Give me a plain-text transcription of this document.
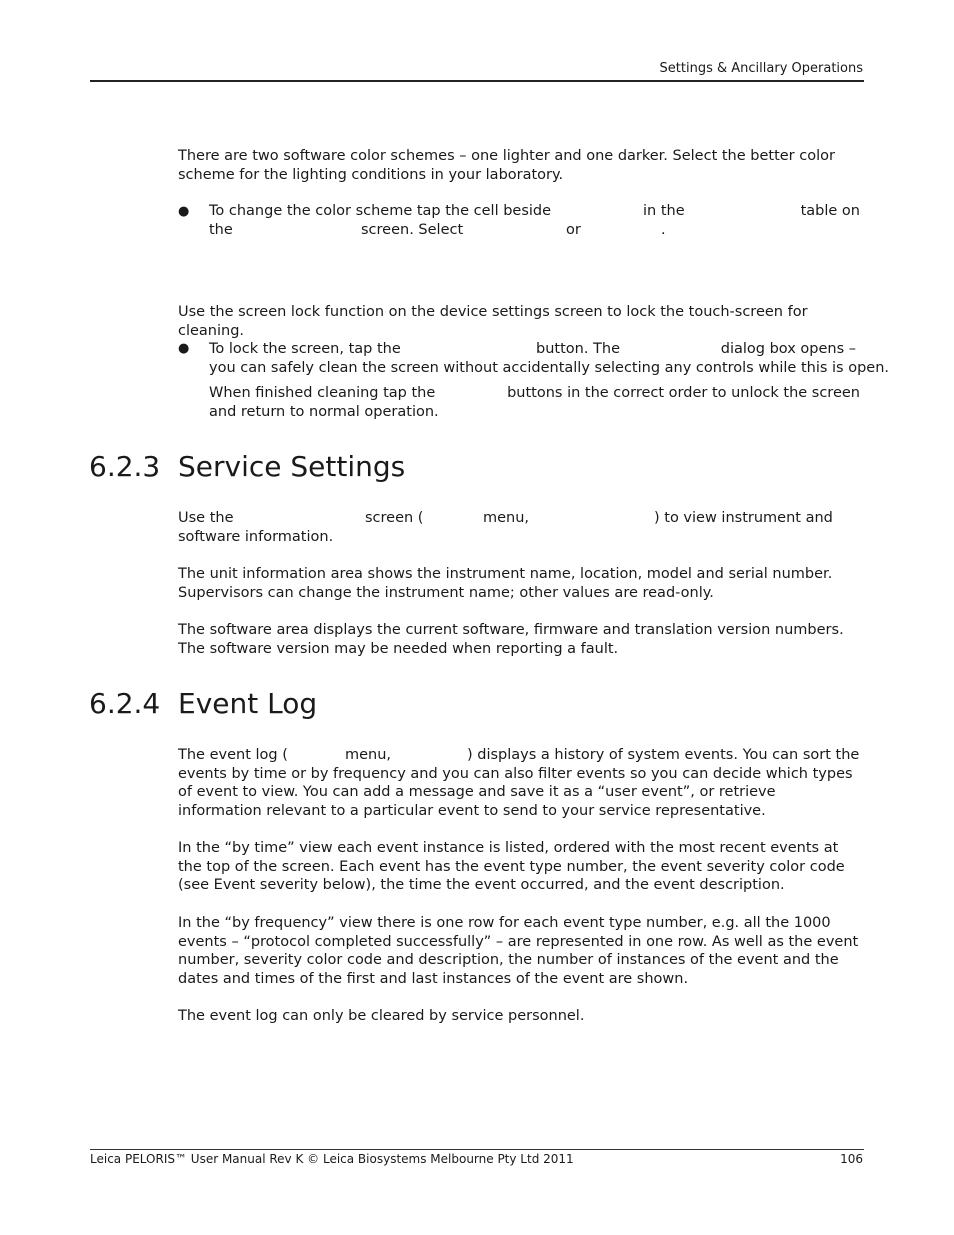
Settings & Ancillary Operations

There are two software color schemes – one lighter and one darker. Select the better color scheme for the lighting conditions in your laboratory.

● To change the color scheme tap the cell beside	in the	table on
the	screen. Select	or	.

Use the screen lock function on the device settings screen to lock the touch-screen for cleaning.

● To lock the screen, tap the	button. The	dialog box opens –
you can safely clean the screen without accidentally selecting any controls while this is open.
When finished cleaning tap the	buttons in the correct order to unlock the screen
and return to normal operation.
6.2.3 Service Settings
Use the	screen (	menu,	) to view instrument and
software information.

The unit information area shows the instrument name, location, model and serial number. Supervisors can change the instrument name; other values are read-only.

The software area displays the current software, firmware and translation version numbers. The software version may be needed when reporting a fault.

6.2.4 Event Log
The event log (	menu,	) displays a history of system events. You can sort the
events by time or by frequency and you can also filter events so you can decide which types of event to view. You can add a message and save it as a “user event”, or retrieve information relevant to a particular event to send to your service representative.

In the “by time” view each event instance is listed, ordered with the most recent events at the top of the screen. Each event has the event type number, the event severity color code (see Event severity below), the time the event occurred, and the event description.

In the “by frequency” view there is one row for each event type number, e.g. all the 1000 events – “protocol completed successfully” – are represented in one row. As well as the event number, severity color code and description, the number of instances of the event and the dates and times of the first and last instances of the event are shown.

The event log can only be cleared by service personnel.

Leica PELORIS™ User Manual Rev K © Leica Biosystems Melbourne Pty Ltd 2011	106
